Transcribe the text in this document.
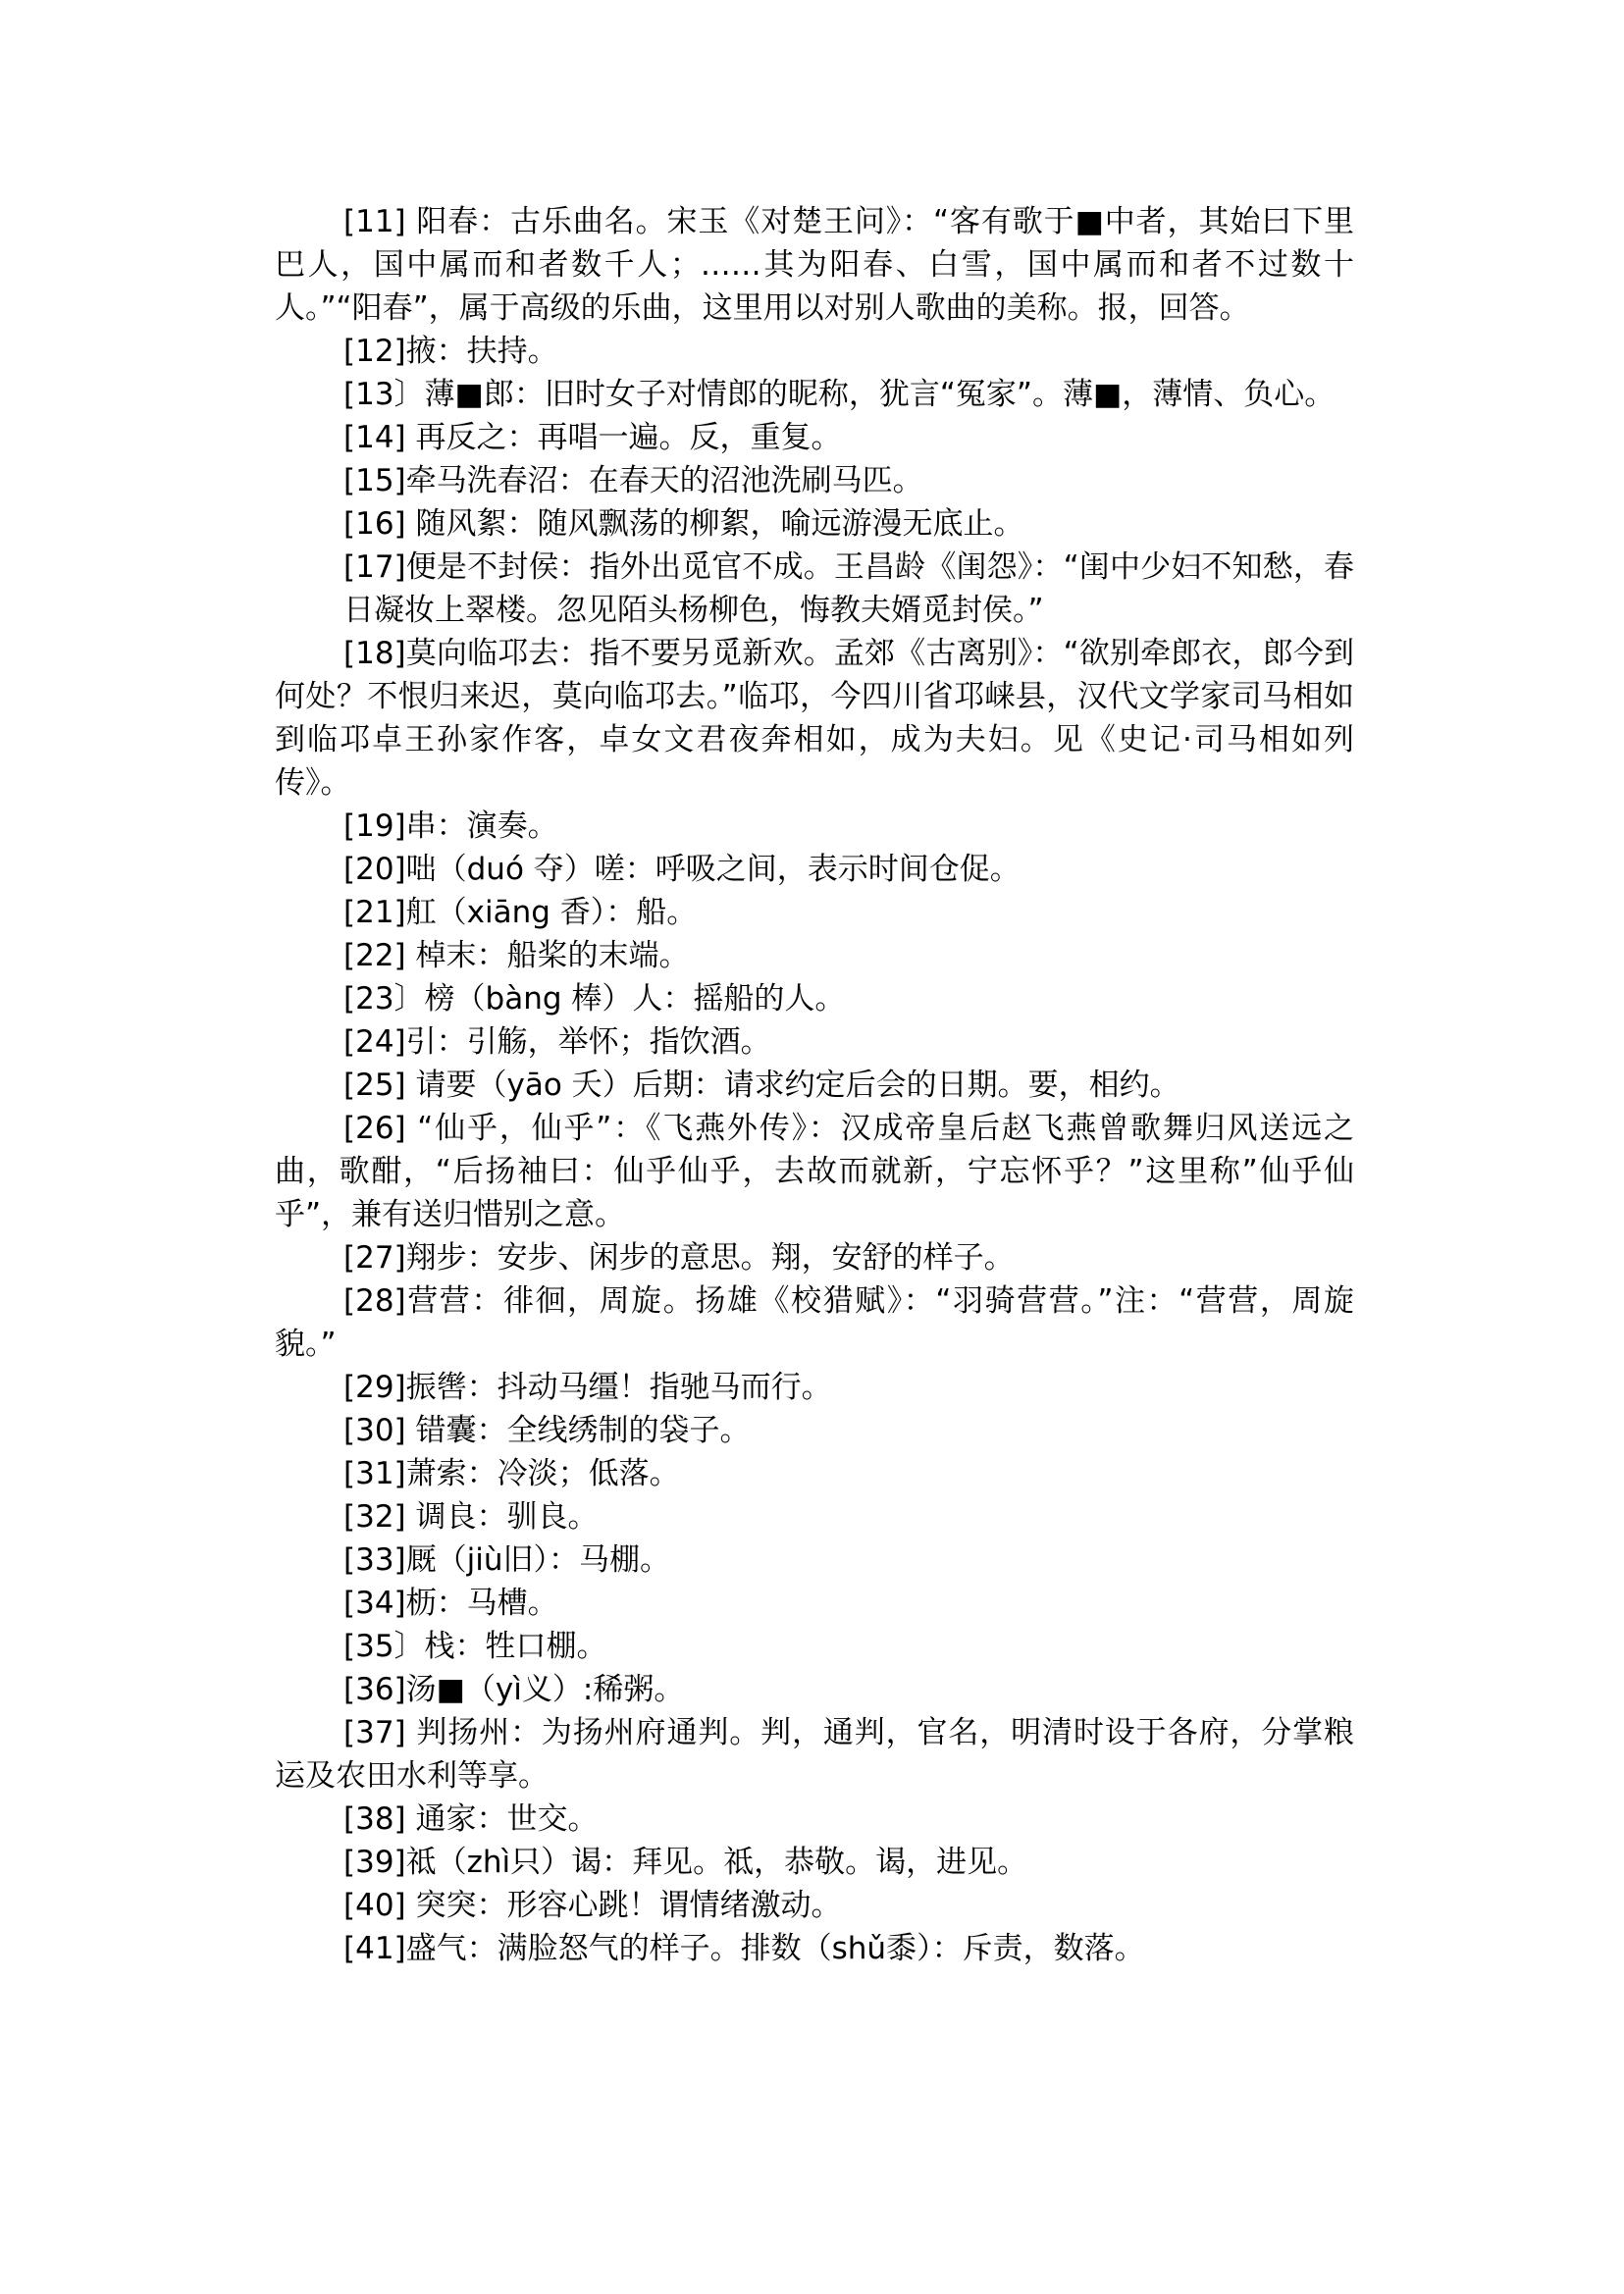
[11] 阳春：古乐曲名。宋玉《对楚王问》：“客有歌于■中者，其始曰下里巴人，国中属而和者数千人；……其为阳春、白雪，国中属而和者不过数十人。”“阳春”，属于高级的乐曲，这里用以对别人歌曲的美称。报，回答。

[12]掖：扶持。

[13〕薄■郎：旧时女子对情郎的昵称，犹言“冤家”。薄■，薄情、负心。

[14] 再反之：再唱一遍。反，重复。

[15]牵马洗春沼：在春天的沼池洗刷马匹。

[16] 随风絮：随风飘荡的柳絮，喻远游漫无底止。

[17]便是不封侯：指外出觅官不成。王昌龄《闺怨》：“闺中少妇不知愁，春日凝妆上翠楼。忽见陌头杨柳色，悔教夫婿觅封侯。”

[18]莫向临邛去：指不要另觅新欢。孟郊《古离别》：“欲别牵郎衣，郎今到何处？不恨归来迟，莫向临邛去。”临邛，今四川省邛崃县，汉代文学家司马相如到临邛卓王孙家作客，卓女文君夜奔相如，成为夫妇。见《史记·司马相如列传》。

[19]串：演奏。

[20]咄（duó 夺）嗟：呼吸之间，表示时间仓促。

[21]舡（xiāng 香）：船。

[22] 棹末：船桨的末端。

[23〕榜（bàng 棒）人：摇船的人。

[24]引：引觞，举怀；指饮酒。

[25] 请要（yāo 夭）后期：请求约定后会的日期。要，相约。

[26] “仙乎，仙乎”：《飞燕外传》：汉成帝皇后赵飞燕曾歌舞归风送远之曲，歌酣，“后扬袖曰：仙乎仙乎，去故而就新，宁忘怀乎？”这里称”仙乎仙乎”，兼有送归惜别之意。

[27]翔步：安步、闲步的意思。翔，安舒的样子。

[28]营营：徘徊，周旋。扬雄《校猎赋》：“羽骑营营。”注：“营营，周旋貌。”

[29]振辔：抖动马缰！指驰马而行。

[30] 错囊：全线绣制的袋子。

[31]萧索：冷淡；低落。

[32] 调良：驯良。

[33]厩（jiù旧）：马棚。

[34]枥：马槽。

[35〕栈：牲口棚。

[36]汤■（yì义）:稀粥。

[37] 判扬州：为扬州府通判。判，通判，官名，明清时设于各府，分掌粮运及农田水利等享。

[38] 通家：世交。

[39]祗（zhì只）谒：拜见。祗，恭敬。谒，进见。

[40] 突突：形容心跳！谓情绪激动。

[41]盛气：满脸怒气的样子。排数（shǔ黍）：斥责，数落。
